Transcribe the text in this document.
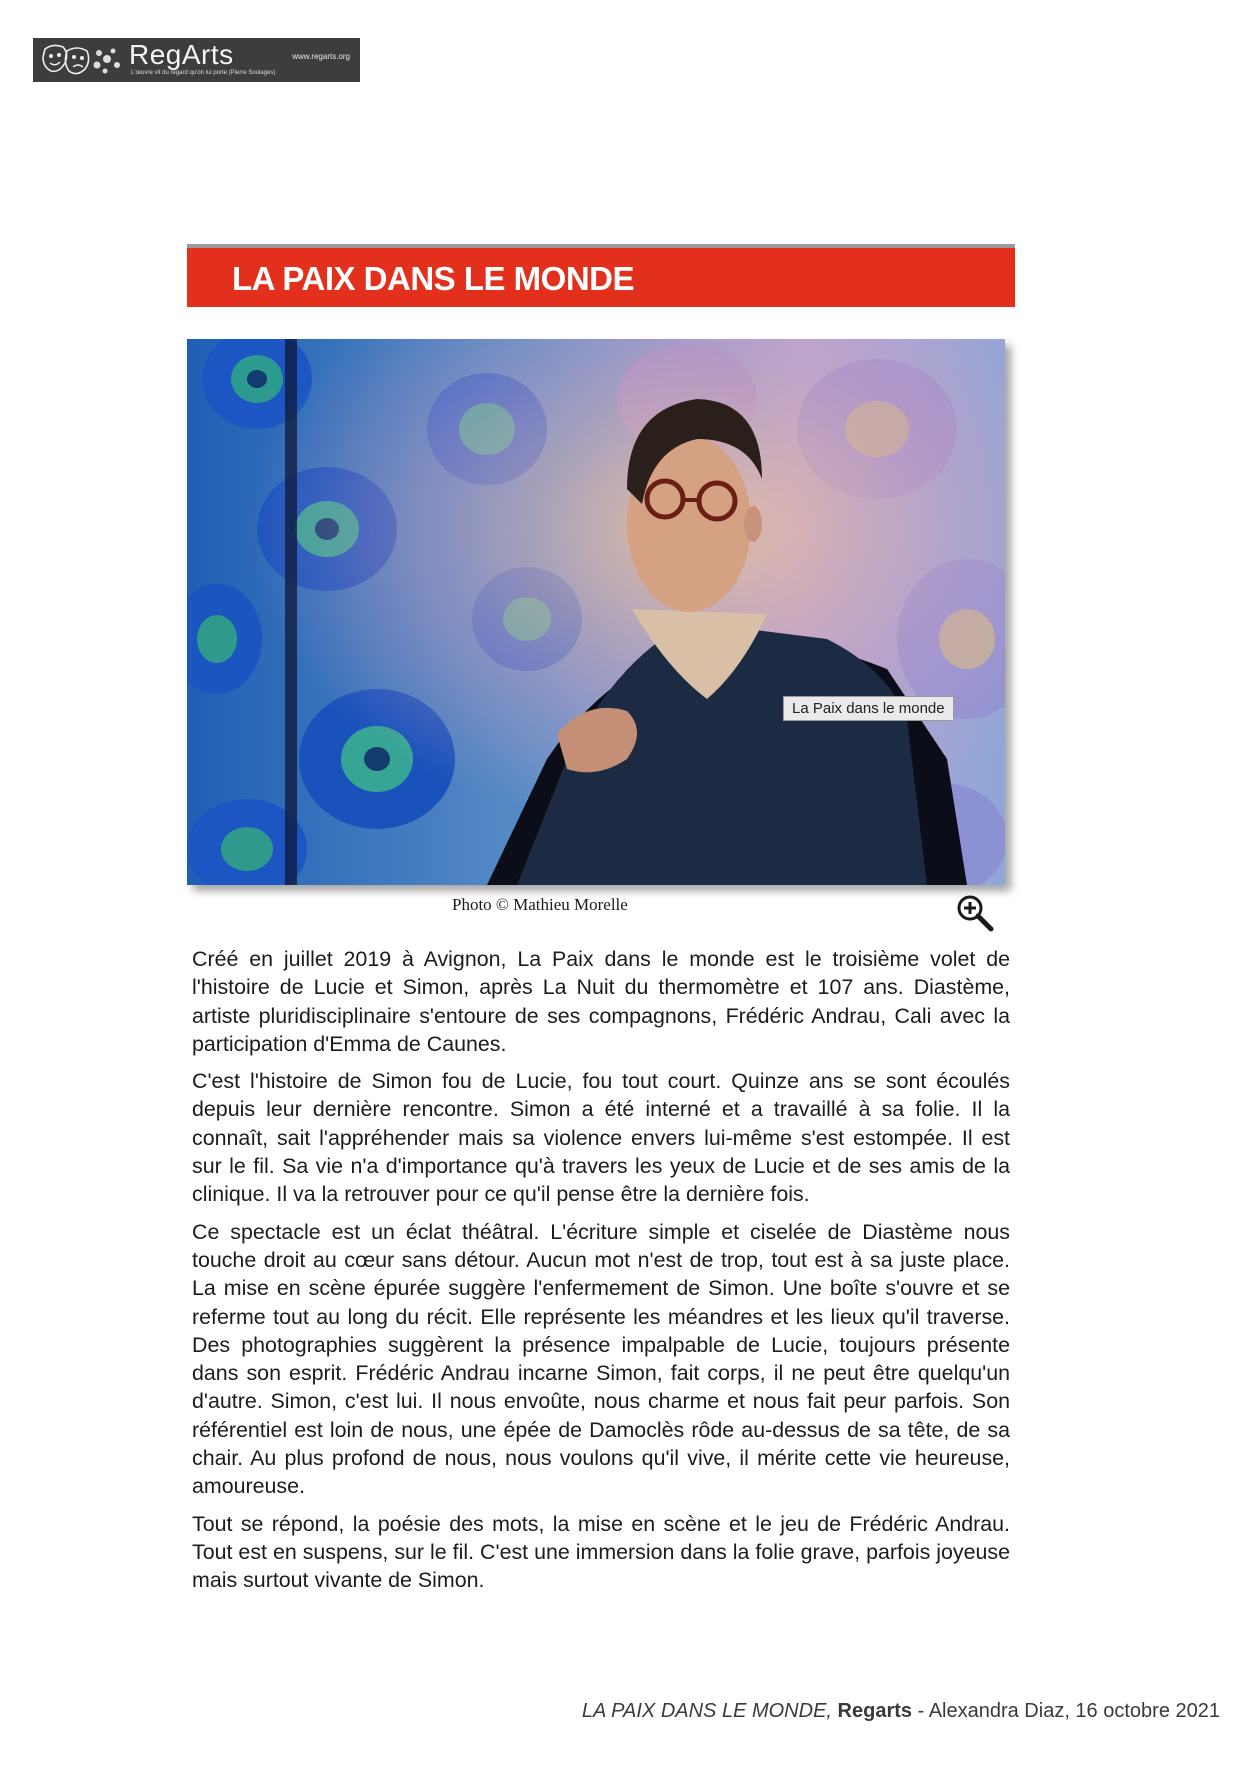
RegArts	www.regarts.org
L'œuvre vit du regard qu'on lui porte (Pierre Soulages)
LA PAIX DANS LE MONDE
La Paix dans le monde
Photo © Mathieu Morelle

Créé en juillet 2019 à Avignon, La Paix dans le monde est le troisième volet de l'histoire de Lucie et Simon, après La Nuit du thermomètre et 107 ans. Diastème, artiste pluridisciplinaire s'entoure de ses compagnons, Frédéric Andrau, Cali avec la participation d'Emma de Caunes.

C'est l'histoire de Simon fou de Lucie, fou tout court. Quinze ans se sont écoulés depuis leur dernière rencontre. Simon a été interné et a travaillé à sa folie. Il la connaît, sait l'appréhender mais sa violence envers lui-même s'est estompée. Il est sur le fil. Sa vie n'a d'importance qu'à travers les yeux de Lucie et de ses amis de la clinique. Il va la retrouver pour ce qu'il pense être la dernière fois.

Ce spectacle est un éclat théâtral. L'écriture simple et ciselée de Diastème nous touche droit au cœur sans détour. Aucun mot n'est de trop, tout est à sa juste place. La mise en scène épurée suggère l'enfermement de Simon. Une boîte s'ouvre et se referme tout au long du récit. Elle représente les méandres et les lieux qu'il traverse. Des photographies suggèrent la présence impalpable de Lucie, toujours présente dans son esprit. Frédéric Andrau incarne Simon, fait corps, il ne peut être quelqu'un d'autre. Simon, c'est lui. Il nous envoûte, nous charme et nous fait peur parfois. Son référentiel est loin de nous, une épée de Damoclès rôde au-dessus de sa tête, de sa chair. Au plus profond de nous, nous voulons qu'il vive, il mérite cette vie heureuse, amoureuse.

Tout se répond, la poésie des mots, la mise en scène et le jeu de Frédéric Andrau. Tout est en suspens, sur le fil. C'est une immersion dans la folie grave, parfois joyeuse mais surtout vivante de Simon.

LA PAIX DANS LE MONDE, Regarts - Alexandra Diaz, 16 octobre 2021
